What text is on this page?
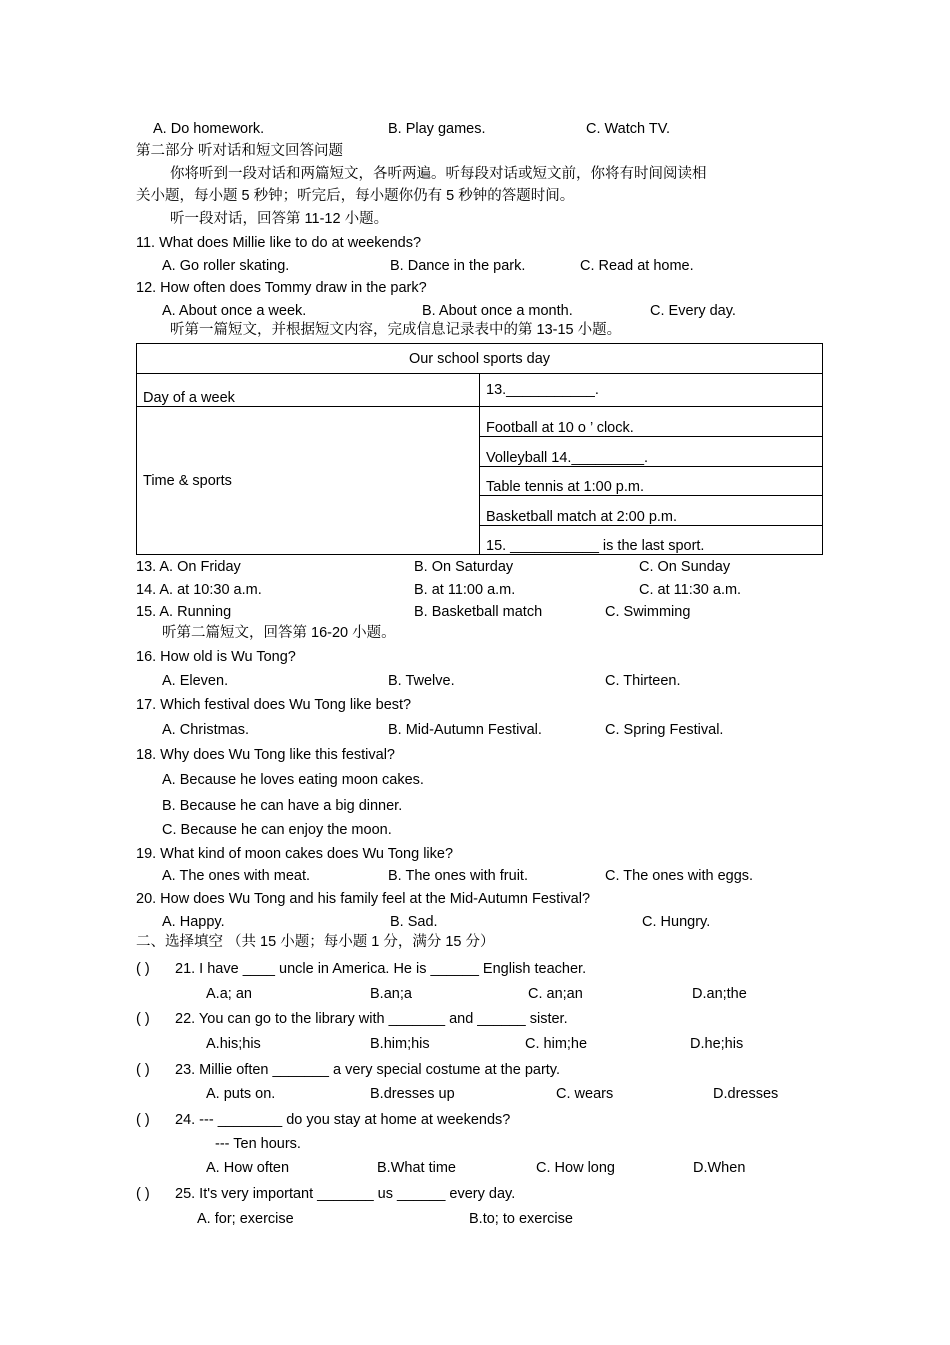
A. Do homework.	B. Play games.	C. Watch TV.
第二部分 听对话和短文回答问题
你将听到一段对话和两篇短文，各听两遍。听每段对话或短文前，你将有时间阅读相
关小题，每小题 5 秒钟；听完后，每小题你仍有 5 秒钟的答题时间。
听一段对话，回答第 11-12 小题。
11. What does Millie like to do at weekends?
A. Go roller skating.	B. Dance in the park.	C. Read at home.
12. How often does Tommy draw in the park?
A. About once a week.	B. About once a month.	C. Every day.
听第一篇短文，并根据短文内容，完成信息记录表中的第 13-15 小题。
Our school sports day	
Day of a week	13.___________.
Time & sports	Football at 10 o ’ clock.
	Volleyball 14._________.
	Table tennis at 1:00 p.m.
	Basketball match at 2:00 p.m.
	15. ___________ is the last sport.
13. A. On Friday	B. On Saturday	C. On Sunday
14. A. at 10:30 a.m.	B. at 11:00 a.m.	C. at 11:30 a.m.
15. A. Running	B. Basketball match	C. Swimming
听第二篇短文，回答第 16-20 小题。
16. How old is Wu Tong?
A. Eleven.	B. Twelve.	C. Thirteen.
17. Which festival does Wu Tong like best?
A. Christmas.	B. Mid-Autumn Festival.	C. Spring Festival.
18. Why does Wu Tong like this festival?
A. Because he loves eating moon cakes.
B. Because he can have a big dinner.
C. Because he can enjoy the moon.
19. What kind of moon cakes does Wu Tong like?
A. The ones with meat.	B. The ones with fruit.	C. The ones with eggs.
20. How does Wu Tong and his family feel at the Mid-Autumn Festival?
A. Happy.	B. Sad.	C. Hungry.
二、选择填空 （共 15 小题；每小题 1 分，满分 15 分）
( ) 21. I have ____ uncle in America. He is ______ English teacher.
A.a; an	B.an;a	C. an;an	D.an;the
( ) 22. You can go to the library with _______ and ______ sister.
A.his;his	B.him;his	C. him;he	D.he;his
( ) 23. Millie often _______ a very special costume at the party.
A. puts on.	B.dresses up	C. wears	D.dresses
( ) 24. --- ________ do you stay at home at weekends?
--- Ten hours.
A. How often	B.What time	C. How long	D.When
( ) 25. It's very important _______ us ______ every day.
A. for; exercise	B.to; to exercise
